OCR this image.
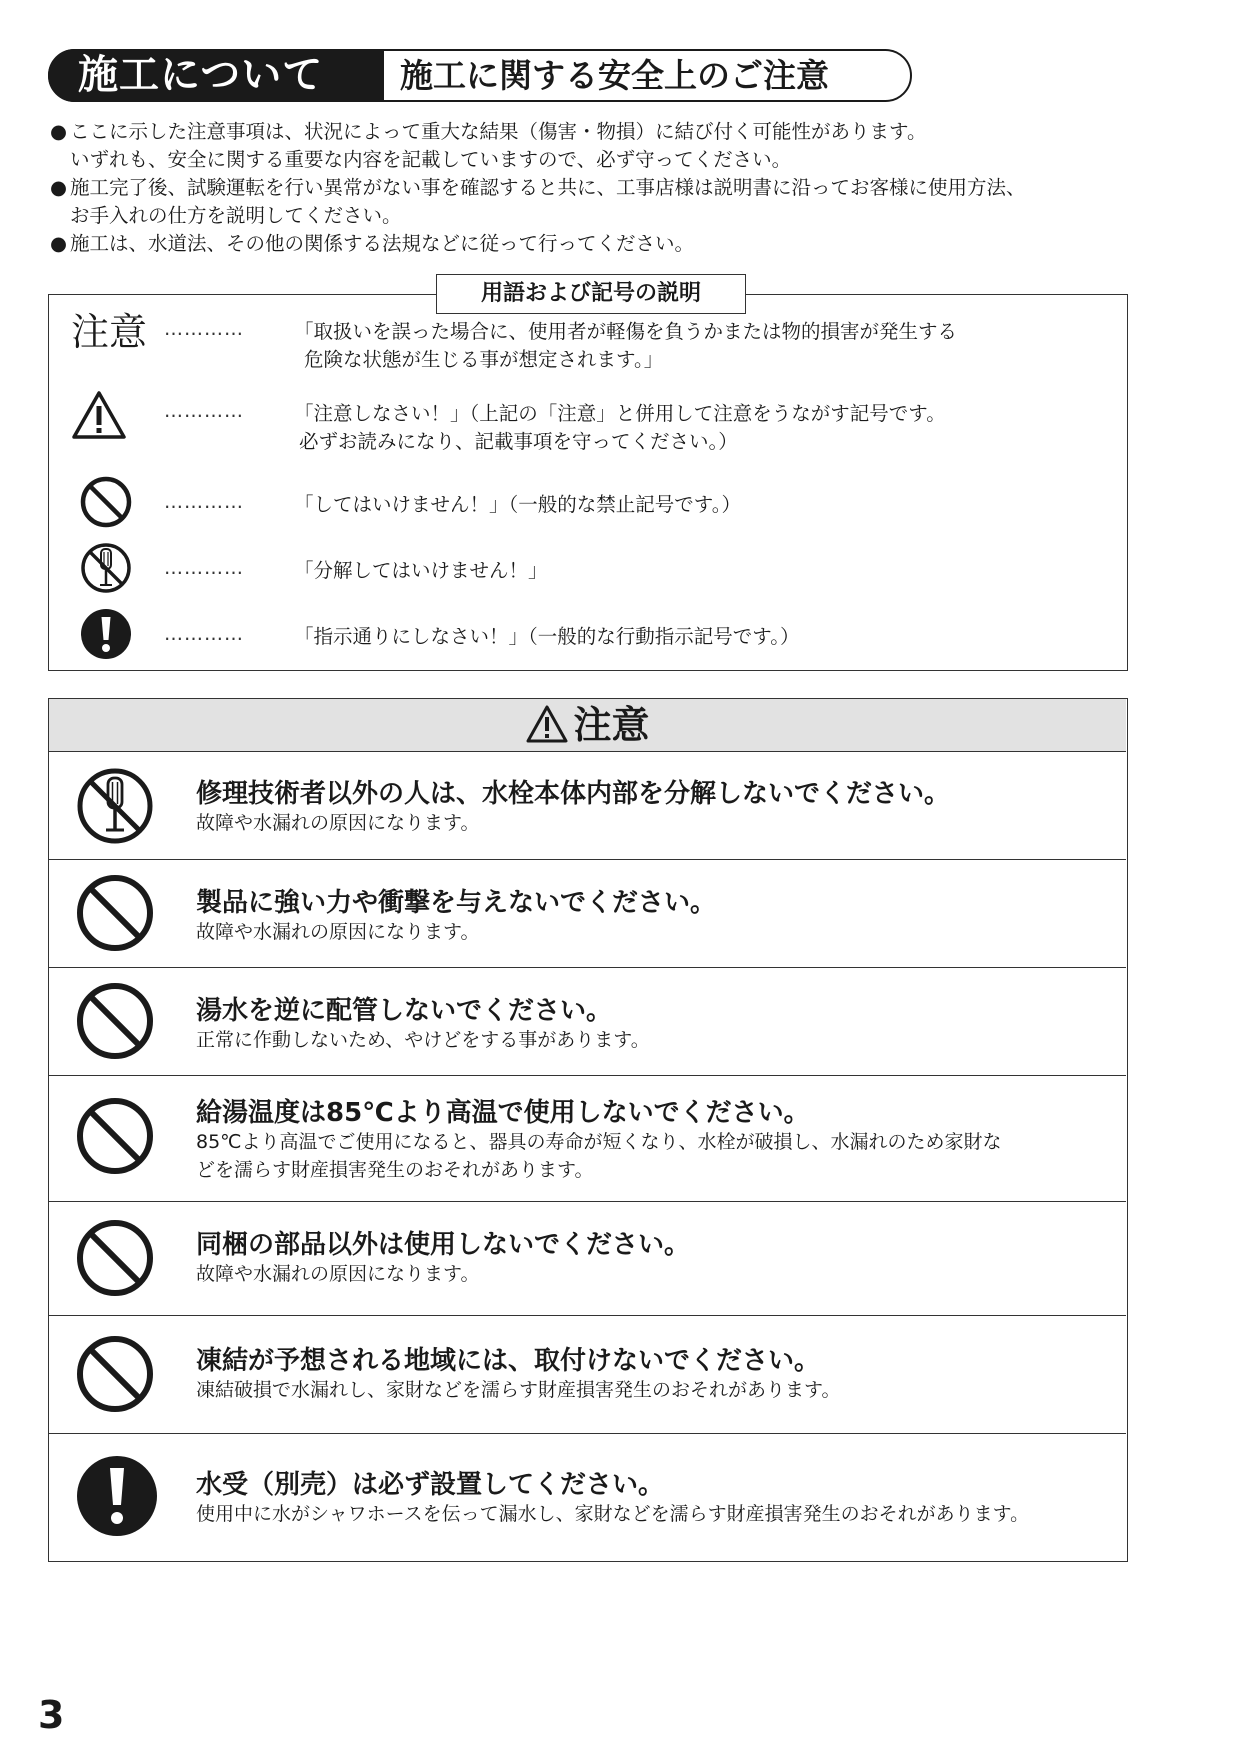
施工について 施工に関する安全上のご注意
● ここに示した注意事項は、状況によって重大な結果（傷害・物損）に結び付く可能性があります。
いずれも、安全に関する重要な内容を記載していますので、必ず守ってください。
● 施工完了後、試験運転を行い異常がない事を確認すると共に、工事店様は説明書に沿ってお客様に使用方法、
お手入れの仕方を説明してください。
● 施工は、水道法、その他の関係する法規などに従って行ってください。
用語および記号の説明
注意 …………	「取扱いを誤った場合に、使用者が軽傷を負うかまたは物的損害が発生する
危険な状態が生じる事が想定されます。」
…………	「注意しなさい！」（上記の「注意」と併用して注意をうながす記号です。
必ずお読みになり、記載事項を守ってください。）
…………	「してはいけません！」（一般的な禁止記号です。）
…………	「分解してはいけません！」
…………	「指示通りにしなさい！」（一般的な行動指示記号です。）
注意
修理技術者以外の人は、水栓本体内部を分解しないでください。
故障や水漏れの原因になります。
製品に強い力や衝撃を与えないでください。
故障や水漏れの原因になります。
湯水を逆に配管しないでください。
正常に作動しないため、やけどをする事があります。
給湯温度は85℃より高温で使用しないでください。
85℃より高温でご使用になると、器具の寿命が短くなり、水栓が破損し、水漏れのため家財な
どを濡らす財産損害発生のおそれがあります。
同梱の部品以外は使用しないでください。
故障や水漏れの原因になります。
凍結が予想される地域には、取付けないでください。
凍結破損で水漏れし、家財などを濡らす財産損害発生のおそれがあります。
水受（別売）は必ず設置してください。
使用中に水がシャワホースを伝って漏水し、家財などを濡らす財産損害発生のおそれがあります。
3
